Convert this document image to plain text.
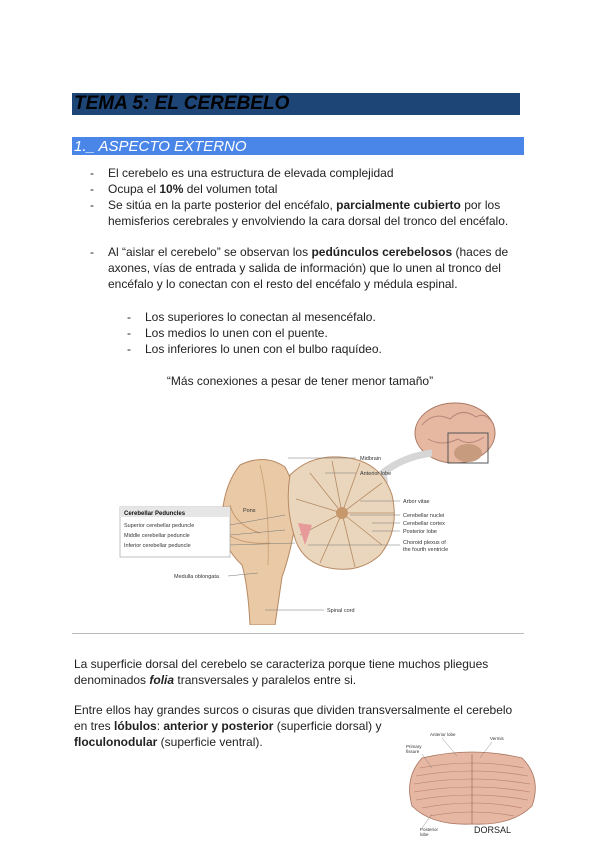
TEMA 5: EL CEREBELO
1._ ASPECTO EXTERNO
- El cerebelo es una estructura de elevada complejidad
- Ocupa el 10% del volumen total
- Se sitúa en la parte posterior del encéfalo, parcialmente cubierto por los hemisferios cerebrales y envolviendo la cara dorsal del tronco del encéfalo.
- Al “aislar el cerebelo” se observan los pedúnculos cerebelosos (haces de axones, vías de entrada y salida de información) que lo unen al tronco del encéfalo y lo conectan con el resto del encéfalo y médula espinal.
- Los superiores lo conectan al mesencéfalo.
- Los medios lo unen con el puente.
- Los inferiores lo unen con el bulbo raquídeo.
“Más conexiones a pesar de tener menor tamaño”
Cerebellar Peduncles
Superior cerebellar peduncle
Middle cerebellar peduncle
Inferior cerebellar peduncle
Midbrain
Anterior lobe
Arbor vitae
Pons
Cerebellar nuclei
Cerebellar cortex
Posterior lobe
Choroid plexus of
the fourth ventricle
Medulla oblongata
Spinal cord
La superficie dorsal del cerebelo se caracteriza porque tiene muchos pliegues denominados folia transversales y paralelos entre si.
Entre ellos hay grandes surcos o cisuras que dividen transversalmente el cerebelo en tres lóbulos: anterior y posterior (superficie dorsal) y
floculonodular (superficie ventral).
Anterior lobe
Vermis
Primary
fissure
Posterior
lobe	DORSAL
